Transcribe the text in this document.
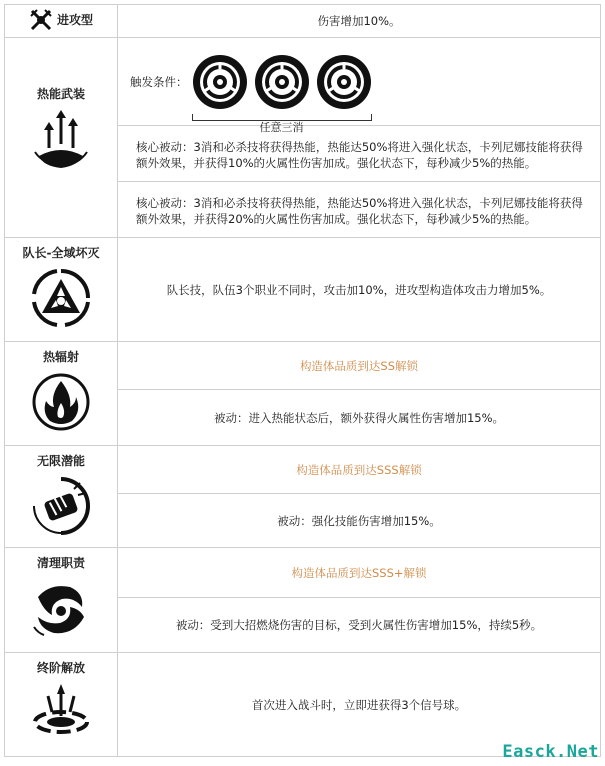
进攻型	伤害增加10%。

热能武装	触发条件：
任意三消

	核心被动：3消和必杀技将获得热能，热能达50%将进入强化状态，卡列尼娜技能将获得额外效果，并获得10%的火属性伤害加成。强化状态下，每秒减少5%的热能。

	核心被动：3消和必杀技将获得热能，热能达50%将进入强化状态，卡列尼娜技能将获得额外效果，并获得20%的火属性伤害加成。强化状态下，每秒减少5%的热能。

队长-全域坏灭	队长技，队伍3个职业不同时，攻击加10%，进攻型构造体攻击力增加5%。

热辐射	构造体品质到达SS解锁
	被动：进入热能状态后，额外获得火属性伤害增加15%。

无限潜能	构造体品质到达SSS解锁
	被动：强化技能伤害增加15%。

清理职责	构造体品质到达SSS+解锁
	被动：受到大招燃烧伤害的目标，受到火属性伤害增加15%，持续5秒。

终阶解放	首次进入战斗时，立即进获得3个信号球。
Easck.Net
